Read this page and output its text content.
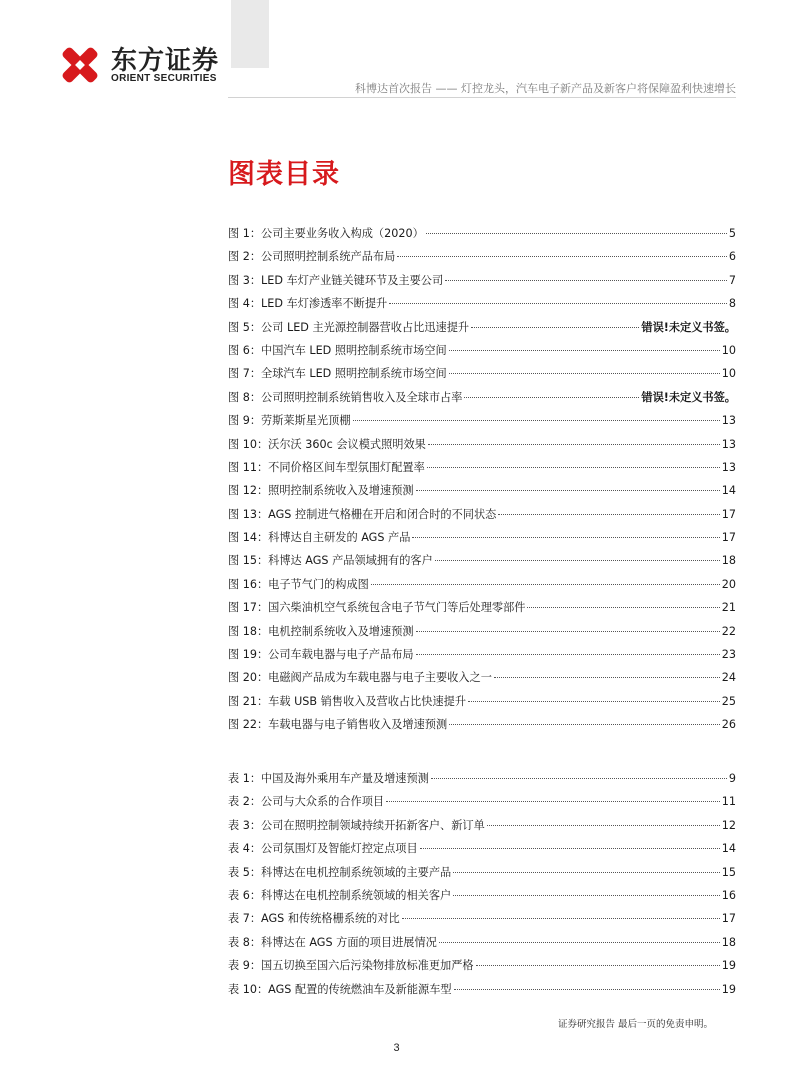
东方证券
ORIENT SECURITIES
科博达首次报告 —— 灯控龙头，汽车电子新产品及新客户将保障盈利快速增长
图表目录
图 1：公司主要业务收入构成（2020）	5
图 2：公司照明控制系统产品布局	6
图 3：LED 车灯产业链关键环节及主要公司	7
图 4：LED 车灯渗透率不断提升	8
图 5：公司 LED 主光源控制器营收占比迅速提升	错误!未定义书签。
图 6：中国汽车 LED 照明控制系统市场空间	10
图 7：全球汽车 LED 照明控制系统市场空间	10
图 8：公司照明控制系统销售收入及全球市占率	错误!未定义书签。
图 9：劳斯莱斯星光顶棚	13
图 10：沃尔沃 360c 会议模式照明效果	13
图 11：不同价格区间车型氛围灯配置率	13
图 12：照明控制系统收入及增速预测	14
图 13：AGS 控制进气格栅在开启和闭合时的不同状态	17
图 14：科博达自主研发的 AGS 产品	17
图 15：科博达 AGS 产品领域拥有的客户	18
图 16：电子节气门的构成图	20
图 17：国六柴油机空气系统包含电子节气门等后处理零部件	21
图 18：电机控制系统收入及增速预测	22
图 19：公司车载电器与电子产品布局	23
图 20：电磁阀产品成为车载电器与电子主要收入之一	24
图 21：车载 USB 销售收入及营收占比快速提升	25
图 22：车载电器与电子销售收入及增速预测	26
表 1：中国及海外乘用车产量及增速预测	9
表 2：公司与大众系的合作项目	11
表 3：公司在照明控制领域持续开拓新客户、新订单	12
表 4：公司氛围灯及智能灯控定点项目	14
表 5：科博达在电机控制系统领域的主要产品	15
表 6：科博达在电机控制系统领域的相关客户	16
表 7：AGS 和传统格栅系统的对比	17
表 8：科博达在 AGS 方面的项目进展情况	18
表 9：国五切换至国六后污染物排放标准更加严格	19
表 10：AGS 配置的传统燃油车及新能源车型	19
证券研究报告 最后一页的免责申明。
3
